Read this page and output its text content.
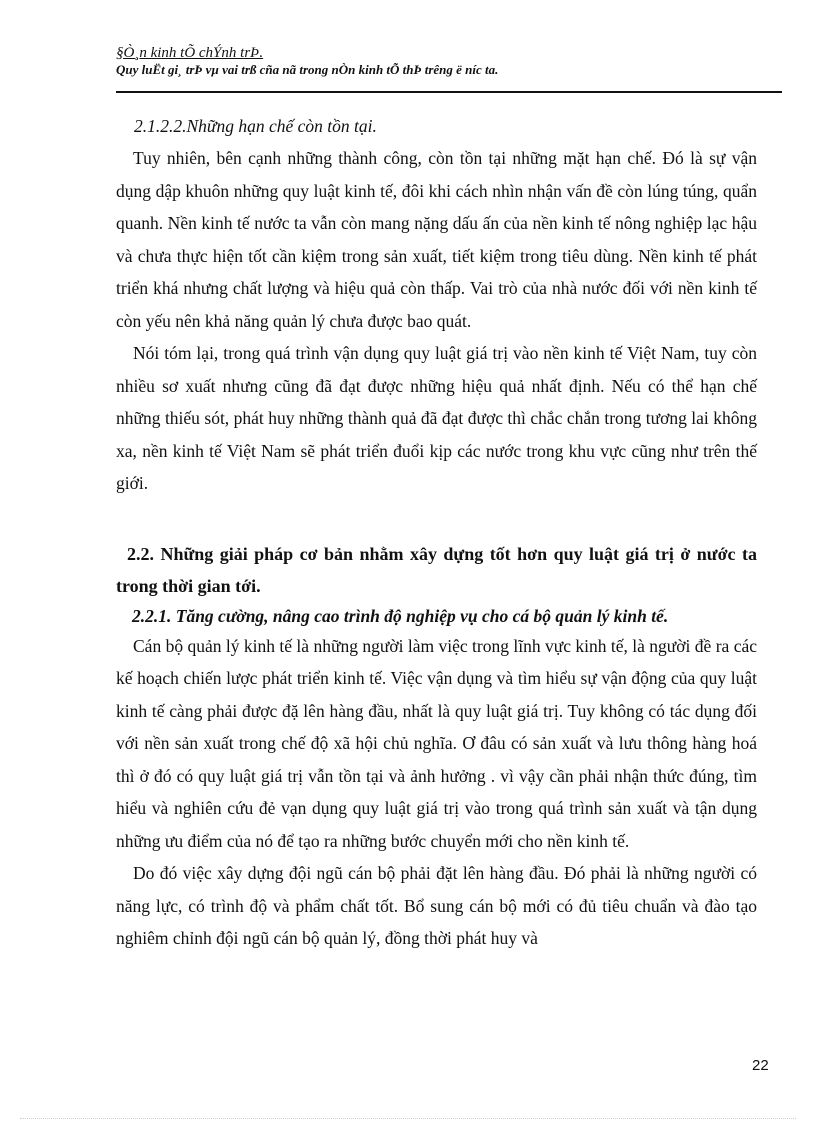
§Ò¸n kinh tÕ chÝnh trÞ.
Quy luËt gi¸ trÞ vµ vai trß cña nã trong nÒn kinh tÕ thÞ trêng ë níc ta.
2.1.2.2.Những hạn chế còn tồn tại.

Tuy nhiên, bên cạnh những thành công, còn tồn tại những mặt hạn chế. Đó là sự vận dụng dập khuôn những quy luật kinh tế, đôi khi cách nhìn nhận vấn đề còn lúng túng, quẩn quanh. Nền kinh tế nước ta vẫn còn mang nặng dấu ấn của nền kinh tế nông nghiệp lạc hậu và chưa thực hiện tốt cần kiệm trong sản xuất, tiết kiệm trong tiêu dùng. Nền kinh tế phát triển khá nhưng chất lượng và hiệu quả còn thấp. Vai trò của nhà nước đối với nền kinh tế còn yếu nên khả năng quản lý chưa được bao quát.

Nói tóm lại, trong quá trình vận dụng quy luật giá trị vào nền kinh tế Việt Nam, tuy còn nhiều sơ xuất nhưng cũng đã đạt được những hiệu quả nhất định. Nếu có thể hạn chế những thiếu sót, phát huy những thành quả đã đạt được thì chắc chắn trong tương lai không xa, nền kinh tế Việt Nam sẽ phát triển đuổi kịp các nước trong khu vực cũng như trên thế giới.

2.2. Những giải pháp cơ bản nhằm xây dựng tốt hơn quy luật giá trị ở nước ta trong thời gian tới.
2.2.1. Tăng cường, nâng cao trình độ nghiệp vụ cho cá bộ quản lý kinh tế.

Cán bộ quản lý kinh tế là những người làm việc trong lĩnh vực kinh tế, là người đề ra các kế hoạch chiến lược phát triển kinh tế. Việc vận dụng và tìm hiểu sự vận động của quy luật kinh tế càng phải được đặ lên hàng đầu, nhất là quy luật giá trị. Tuy không có tác dụng đối với nền sản xuất trong chế độ xã hội chủ nghĩa. Ơ đâu có sản xuất và lưu thông hàng hoá thì ở đó có quy luật giá trị vẫn tồn tại và ảnh hưởng . vì vậy cần phải nhận thức đúng, tìm hiểu và nghiên cứu đẻ vạn dụng quy luật giá trị vào trong quá trình sản xuất và tận dụng những ưu điểm của nó để tạo ra những bước chuyển mới cho nền kinh tế.

Do đó việc xây dựng đội ngũ cán bộ phải đặt lên hàng đầu. Đó phải là những người có năng lực, có trình độ và phẩm chất tốt. Bổ sung cán bộ mới có đủ tiêu chuẩn và đào tạo nghiêm chỉnh đội ngũ cán bộ quản lý, đồng thời phát huy và

22
